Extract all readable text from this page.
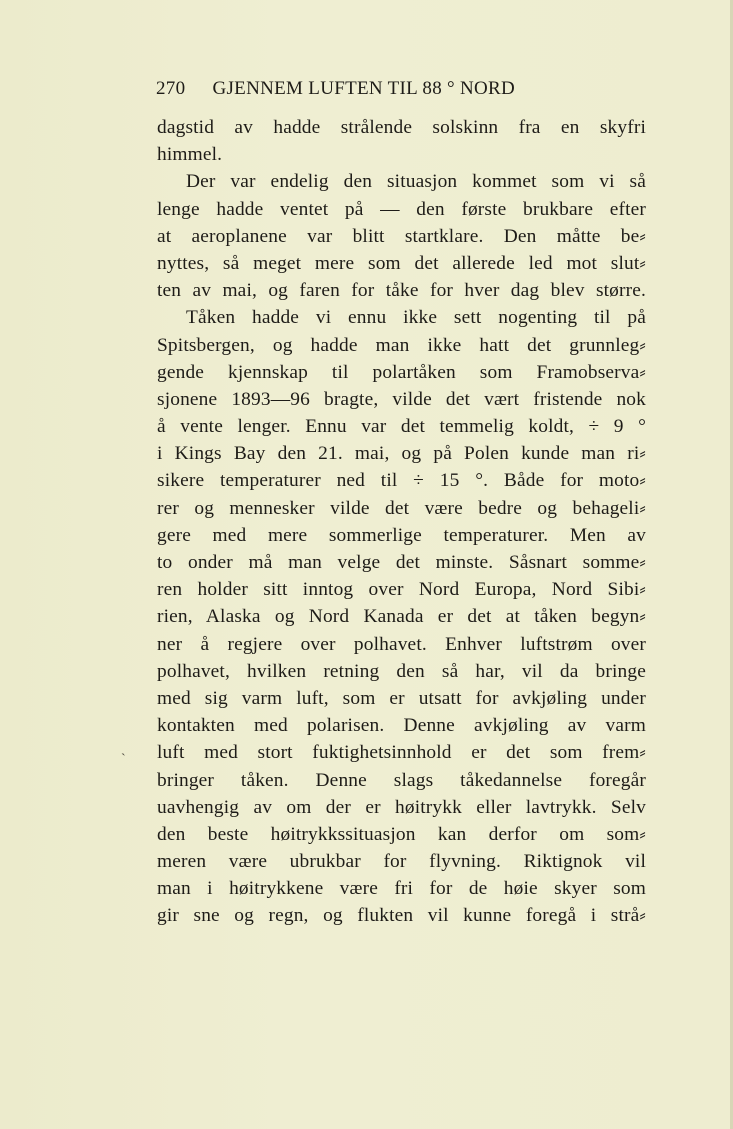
270 GJENNEM LUFTEN TIL 88 ° NORD
ˋ
dagstid av hadde strålende solskinn fra en skyfri
himmel.
Der var endelig den situasjon kommet som vi så
lenge hadde ventet på — den første brukbare efter
at aeroplanene var blitt startklare. Den måtte be⸗
nyttes, så meget mere som det allerede led mot slut⸗
ten av mai, og faren for tåke for hver dag blev større.
Tåken hadde vi ennu ikke sett nogenting til på
Spitsbergen, og hadde man ikke hatt det grunnleg⸗
gende kjennskap til polartåken som Framobserva⸗
sjonene 1893—96 bragte, vilde det vært fristende nok
å vente lenger. Ennu var det temmelig koldt, ÷ 9 °
i Kings Bay den 21. mai, og på Polen kunde man ri⸗
sikere temperaturer ned til ÷ 15 °. Både for moto⸗
rer og mennesker vilde det være bedre og behageli⸗
gere med mere sommerlige temperaturer. Men av
to onder må man velge det minste. Såsnart somme⸗
ren holder sitt inntog over Nord Europa, Nord Sibi⸗
rien, Alaska og Nord Kanada er det at tåken begyn⸗
ner å regjere over polhavet. Enhver luftstrøm over
polhavet, hvilken retning den så har, vil da bringe
med sig varm luft, som er utsatt for avkjøling under
kontakten med polarisen. Denne avkjøling av varm
luft med stort fuktighetsinnhold er det som frem⸗
bringer tåken. Denne slags tåkedannelse foregår
uavhengig av om der er høitrykk eller lavtrykk. Selv
den beste høitrykkssituasjon kan derfor om som⸗
meren være ubrukbar for flyvning. Riktignok vil
man i høitrykkene være fri for de høie skyer som
gir sne og regn, og flukten vil kunne foregå i strå⸗
